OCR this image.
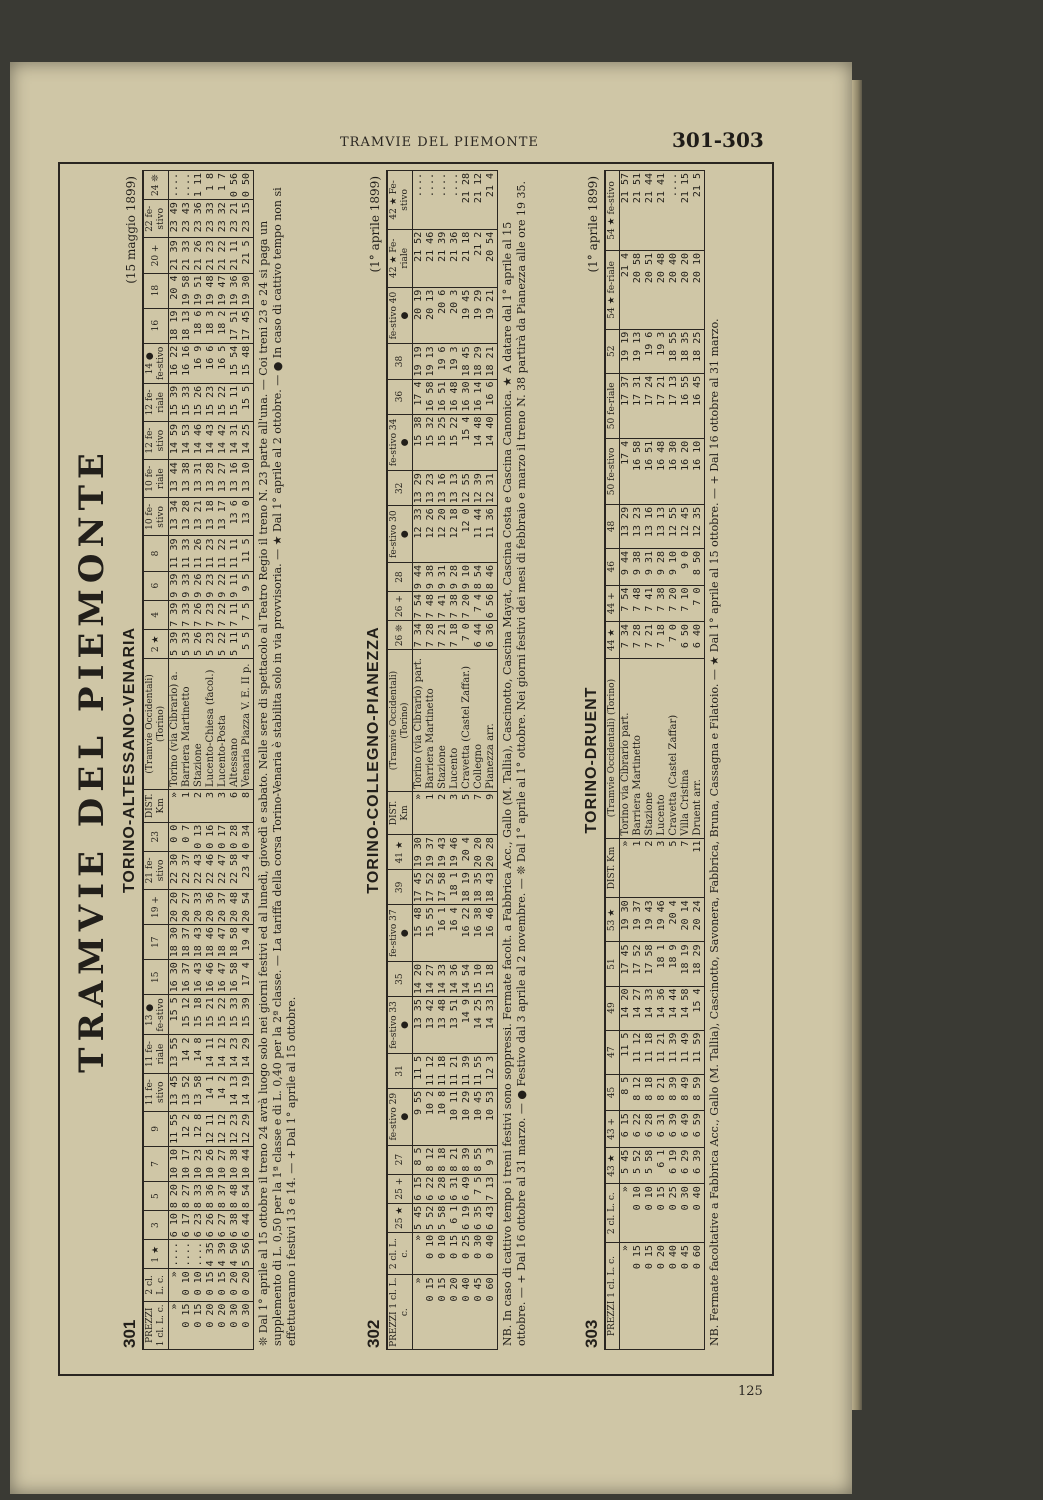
TRAMVIE DEL PIEMONTE	301-303
125
TRAMVIE DEL PIEMONTE
301
TORINO-ALTESSANO-VENARIA
(15 maggio 1899)
PREZZI 1 cl. L. c.	2 cl. L. c.	1 ★	3	5	7	9	11 fe-stivo	11 fe-riale	13 ● fe-stivo	15	17	19 +	21 fe-stivo	23	DIST. Km	(Tramvie Occidentali) (Torino)	2 ★	4	6	8	10 fe-stivo	10 fe-riale	12 fe-stivo	12 fe-riale	14 ● fe-stivo	16	18	20 +	22 fe-stivo	24 ❊
»	»	....	6 10	8 20	10 10	11 55	13 45	13 55	15 5	16 30	18 30	20 20	22 30	0 0	»	Torino (via Cibrario) a.	5 39	7 39	9 39	11 39	13 34	13 44	14 59	15 39	16 22	18 19	20 4	21 39	23 49	....
0 15	0 10	....	6 17	8 27	10 17	12 2	13 52	14 2	15 12	16 37	18 37	20 27	22 37	0 7	1	Barriera Martinetto	5 33	7 33	9 33	11 33	13 28	13 38	14 53	15 33	16 16	18 13	19 58	21 33	23 43	....
0 15	0 10	....	6 23	8 33	10 23	12 8	13 58	14 8	15 18	16 43	18 43	20 33	22 43	0 13	2	Stazione	5 26	7 26	9 26	11 26	13 21	13 31	14 46	15 26	16 9	18 6	19 51	21 26	23 36	1 11
0 20	0 15	4 35	6 26	8 36	10 26	12 11	14 1	14 11	15 21	16 46	18 46	20 36	22 46	0 16	3	Lucento-Chiesa (facol.)	5 23	7 23	9 23	11 23	13 18	13 28	14 43	15 23	16 6	18 3	19 48	21 23	23 33	1 8
0 20	0 15	4 39	6 27	8 37	10 27	12 12	14 2	14 12	15 22	16 47	18 47	20 37	22 47	0 17	3	Lucento-Posta	5 22	7 22	9 22	11 22	13 17	13 27	14 42	15 22	16 5	18 2	19 47	21 22	23 32	1 7
0 30	0 20	4 50	6 38	8 48	10 38	12 23	14 13	14 23	15 33	16 58	18 58	20 48	22 58	0 28	6	Altessano	5 11	7 11	9 11	11 11	13 6	13 16	14 31	15 11	15 54	17 51	19 36	21 11	23 21	0 56
0 30	0 20	5 56	6 44	8 54	10 44	12 29	14 19	14 29	15 39	17 4	19 4	20 54	23 4	0 34	8	Venaria Piazza V. E. II p.	5 5	7 5	9 5	11 5	13 0	13 10	14 25	15 5	15 48	17 45	19 30	21 5	23 15	0 50
❊ Dal 1° aprile al 15 ottobre il treno 24 avrà luogo solo nei giorni festivi ed al lunedì, giovedì e sabato. Nelle sere di spettacolo al Teatro Regio il treno N. 23 parte all'una. — Coi treni 23 e 24 si paga un supplemento di L. 0,50 per la 1ª classe e di L. 0,40 per la 2ª classe. — La tariffa della corsa Torino-Venaria è stabilita solo in via provvisoria. — ★ Dal 1° aprile al 2 ottobre. — ● In caso di cattivo tempo non si effettueranno i festivi 13 e 14. — + Dal 1° aprile al 15 ottobre.	302
TORINO-COLLEGNO-PIANEZZA
(1° aprile 1899)
PREZZI 1 cl. L. c.	2 cl. L. c.	25 ★	25 +	27	fe-stivo 29 ●	31	fe-stivo 33 ●	35	fe-stivo 37 ●	39	41 ★	DIST. Km	(Tramvie Occidentali) (Torino)	26 ❊	26 +	28	fe-stivo 30 ●	32	fe-stivo 34 ●	36	38	fe-stivo 40 ●	42 ★ Fe-riale	42 ★ Fe-stivo
»	»	5 45	6 15	8 5	9 55	11 5	13 35	14 20	15 48	17 45	19 30	»	Torino (via Cibrario) part.	7 34	7 54	9 44	12 33	13 29	15 38	17 4	19 19	20 19	21 52	....
0 15	0 10	5 52	6 22	8 12	10 2	11 12	13 42	14 27	15 55	17 52	19 37	1	Barriera Martinetto	7 28	7 48	9 38	12 26	13 23	15 32	16 58	19 13	20 13	21 46	....
0 15	0 10	5 58	6 28	8 18	10 8	11 18	13 48	14 33	16 1	17 58	19 43	2	Stazione	7 21	7 41	9 31	12 20	13 16	15 25	16 51	19 6	20 6	21 39	....
0 20	0 15	6 1	6 31	8 21	10 11	11 21	13 51	14 36	16 4	18 1	19 46	3	Lucento	7 18	7 38	9 28	12 18	13 13	15 22	16 48	19 3	20 3	21 36	....
0 40	0 25	6 19	6 49	8 39	10 29	11 39	14 9	14 54	16 22	18 19	20 4	5	Cravetta (Castel Zaffar.)	7 0	7 20	9 10	12 0	12 55	15 4	16 30	18 45	19 45	21 18	21 28
0 45	0 30	6 35	7 5	8 55	10 45	11 55	14 25	15 10	16 38	18 35	20 20	7	Collegno	6 44	7 4	8 54	11 44	12 39	14 48	16 14	18 29	19 29	21 2	21 12
0 60	0 40	6 43	7 13	9 3	10 53	12 3	14 33	15 18	16 46	18 43	20 28	9	Pianezza arr.	6 36	6 56	8 46	11 36	12 31	14 40	16 6	18 21	19 21	20 54	21 4
NB. In caso di cattivo tempo i treni festivi sono soppressi. Fermate facolt. a Fabbrica Acc., Gallo (M. Tallia), Cascinotto, Cascina Mayat, Cascina Costa e Cascina Canonica. ★ A datare dal 1° aprile al 15 ottobre. — + Dal 16 ottobre al 31 marzo. — ● Festivo dal 3 aprile al 2 novembre. — ❊ Dal 1° aprile al 1° ottobre. Nei giorni festivi dei mesi di febbraio e marzo il treno N. 38 partirà da Pianezza alle ore 19 35.	303
TORINO-DRUENT
(1° aprile 1899)
PREZZI 1 cl. L. c.	2 cl. L. c.	43 ★	43 +	45	47	49	51	53 ★	DIST. Km	(Tramvie Occidentali) (Torino)	44 ★	44 +	46	48	50 fe-stivo	50 fe-riale	52	54 ★ fe-riale	54 ★ fe-stivo
»	»	5 45	6 15	8 5	11 5	14 20	17 45	19 30	»	Torino via Cibrario part.	7 34	7 54	9 44	13 29	17 4	17 37	19 19	21 4	21 57
0 15	0 10	5 52	6 22	8 12	11 12	14 27	17 52	19 37	1	Barriera Martinetto	7 28	7 48	9 38	13 23	16 58	17 31	19 13	20 58	21 51
0 15	0 10	5 58	6 28	8 18	11 18	14 33	17 58	19 43	2	Stazione	7 21	7 41	9 31	13 16	16 51	17 24	19 6	20 51	21 44
0 20	0 15	6 1	6 31	8 21	11 21	14 36	18 1	19 46	3	Lucento	7 18	7 38	9 28	13 13	16 48	17 21	19 3	20 48	21 41
0 40	0 25	6 19	6 39	8 39	11 39	14 44	18 9	20 4	5	Cravetta (Castel Zaffar)	7 0	7 20	9 10	12 55	16 30	17 13	18 55	20 40	....
0 45	0 30	6 29	6 49	8 49	11 49	14 58	18 19	20 14	7	Villa Cristina	6 50	7 10	9 0	12 45	16 20	16 55	18 35	20 20	21 15
0 60	0 40	6 39	6 59	8 59	11 59	15 4	18 29	20 24	11	Druent arr.	6 40	7 0	8 50	12 35	16 10	16 45	18 25	20 10	21 5
NB. Fermate facoltative a Fabbrica Acc., Gallo (M. Tallia), Cascinotto, Savonera, Fabbrica, Bruna, Cassagna e Filatoio. — ★ Dal 1° aprile al 15 ottobre. — + Dal 16 ottobre al 31 marzo.
